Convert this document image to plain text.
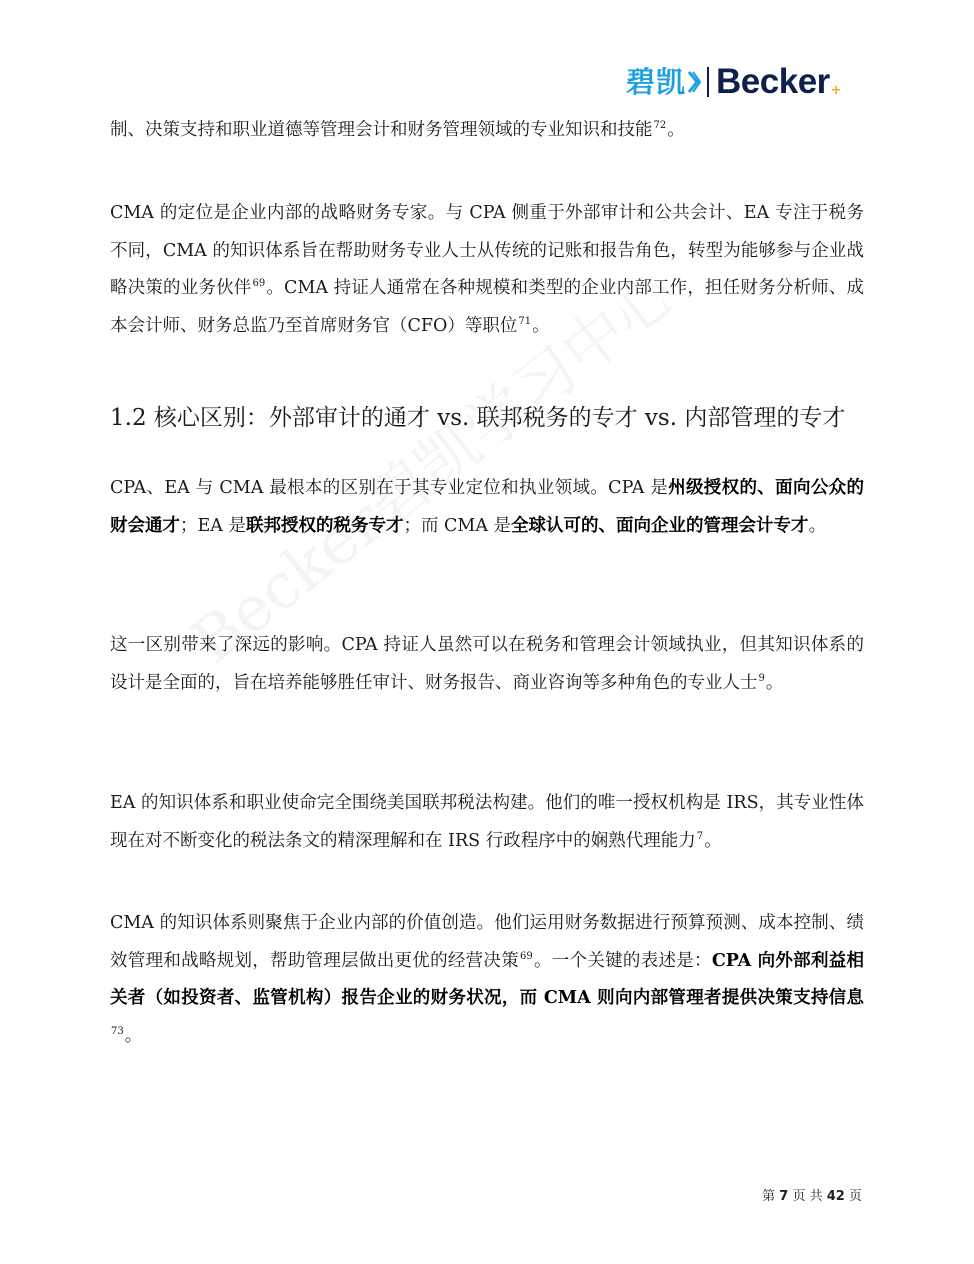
碧凯 Becker +

制、决策支持和职业道德等管理会计和财务管理领域的专业知识和技能$^{72}$。

CMA 的定位是企业内部的战略财务专家。与 CPA 侧重于外部审计和公共会计、EA 专注于税务不同，CMA 的知识体系旨在帮助财务专业人士从传统的记账和报告角色，转型为能够参与企业战略决策的业务伙伴$^{69}$。CMA 持证人通常在各种规模和类型的企业内部工作，担任财务分析师、成本会计师、财务总监乃至首席财务官（CFO）等职位$^{71}$。

1.2 核心区别：外部审计的通才 vs. 联邦税务的专才 vs. 内部管理的专才

CPA、EA 与 CMA 最根本的区别在于其专业定位和执业领域。CPA 是州级授权的、面向公众的财会通才；EA 是联邦授权的税务专才；而 CMA 是全球认可的、面向企业的管理会计专才。

这一区别带来了深远的影响。CPA 持证人虽然可以在税务和管理会计领域执业，但其知识体系的设计是全面的，旨在培养能够胜任审计、财务报告、商业咨询等多种角色的专业人士$^9$。

EA 的知识体系和职业使命完全围绕美国联邦税法构建。他们的唯一授权机构是 IRS，其专业性体现在对不断变化的税法条文的精深理解和在 IRS 行政程序中的娴熟代理能力$^7$。

CMA 的知识体系则聚焦于企业内部的价值创造。他们运用财务数据进行预算预测、成本控制、绩效管理和战略规划，帮助管理层做出更优的经营决策$^{69}$。一个关键的表述是：CPA 向外部利益相关者（如投资者、监管机构）报告企业的财务状况，而 CMA 则向内部管理者提供决策支持信息$^{73}$。

第 7 页 共 42 页
